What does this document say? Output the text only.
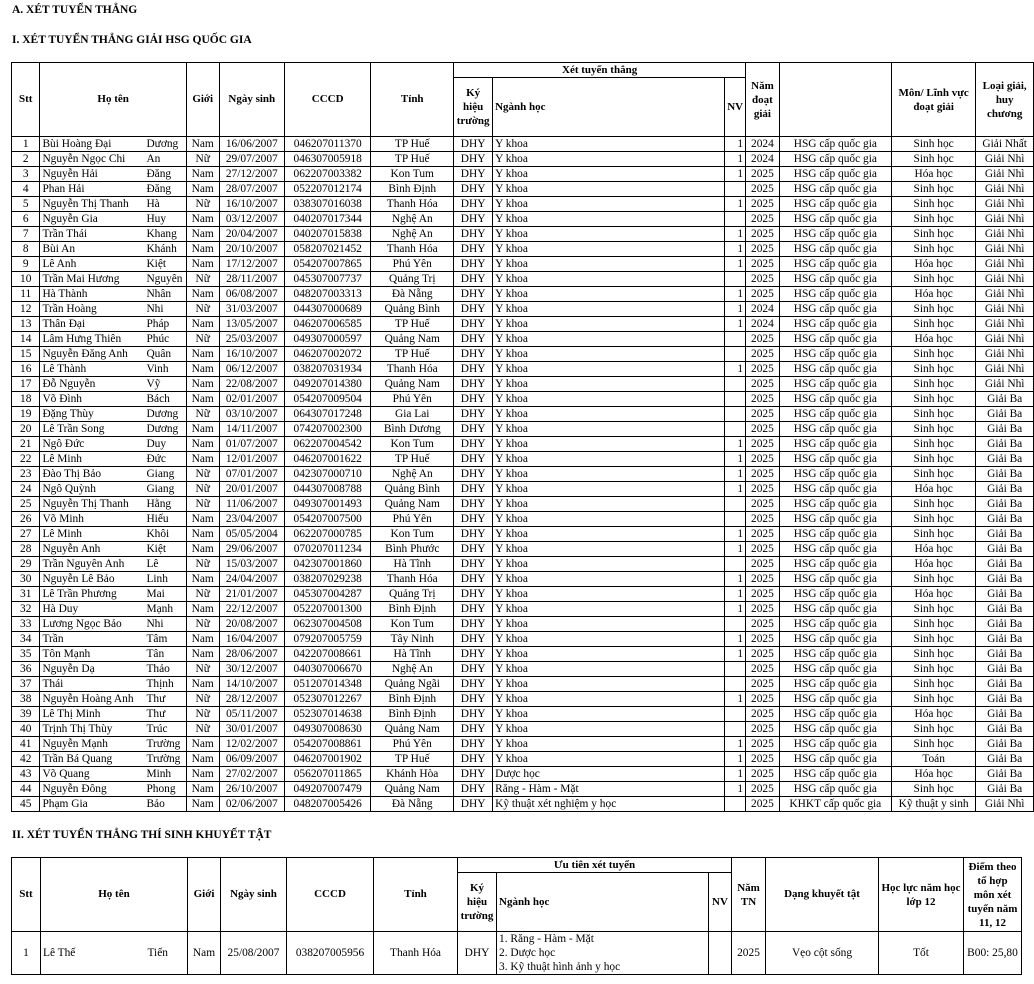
A. XÉT TUYỂN THẲNG
I. XÉT TUYỂN THẲNG GIẢI HSG QUỐC GIA
Stt	Họ tên		Giới	Ngày sinh	CCCD	Tỉnh	Xét tuyển thẳng			Năm đoạt giải		Môn/ Lĩnh vực đoạt giải	Loại giải, huy chương
							Ký hiệu trường	Ngành học	NV				
1	Bùi Hoàng Đại	Dương	Nam	16/06/2007	046207011370	TP Huế	DHY	Y khoa	1	2024	HSG cấp quốc gia	Sinh học	Giải Nhất
2	Nguyễn Ngọc Chi	An	Nữ	29/07/2007	046307005918	TP Huế	DHY	Y khoa	1	2024	HSG cấp quốc gia	Sinh học	Giải Nhì
3	Nguyễn Hải	Đăng	Nam	27/12/2007	062207003382	Kon Tum	DHY	Y khoa	1	2025	HSG cấp quốc gia	Hóa học	Giải Nhì
4	Phan Hải	Đăng	Nam	28/07/2007	052207012174	Bình Định	DHY	Y khoa		2025	HSG cấp quốc gia	Sinh học	Giải Nhì
5	Nguyễn Thị Thanh	Hà	Nữ	16/10/2007	038307016038	Thanh Hóa	DHY	Y khoa	1	2025	HSG cấp quốc gia	Sinh học	Giải Nhì
6	Nguyễn Gia	Huy	Nam	03/12/2007	040207017344	Nghệ An	DHY	Y khoa		2025	HSG cấp quốc gia	Sinh học	Giải Nhì
7	Trần Thái	Khang	Nam	20/04/2007	040207015838	Nghệ An	DHY	Y khoa	1	2025	HSG cấp quốc gia	Sinh học	Giải Nhì
8	Bùi An	Khánh	Nam	20/10/2007	058207021452	Thanh Hóa	DHY	Y khoa	1	2025	HSG cấp quốc gia	Sinh học	Giải Nhì
9	Lê Anh	Kiệt	Nam	17/12/2007	054207007865	Phú Yên	DHY	Y khoa	1	2025	HSG cấp quốc gia	Hóa học	Giải Nhì
10	Trần Mai Hương	Nguyên	Nữ	28/11/2007	045307007737	Quảng Trị	DHY	Y khoa		2025	HSG cấp quốc gia	Sinh học	Giải Nhì
11	Hà Thành	Nhân	Nam	06/08/2007	048207003313	Đà Nẵng	DHY	Y khoa	1	2025	HSG cấp quốc gia	Hóa học	Giải Nhì
12	Trần Hoàng	Nhi	Nữ	31/03/2007	044307000689	Quảng Bình	DHY	Y khoa	1	2024	HSG cấp quốc gia	Sinh học	Giải Nhì
13	Thân Đại	Pháp	Nam	13/05/2007	046207006585	TP Huế	DHY	Y khoa	1	2024	HSG cấp quốc gia	Sinh học	Giải Nhì
14	Lâm Hưng Thiên	Phúc	Nữ	25/03/2007	049307000597	Quảng Nam	DHY	Y khoa		2025	HSG cấp quốc gia	Hóa học	Giải Nhì
15	Nguyễn Đăng Anh	Quân	Nam	16/10/2007	046207002072	TP Huế	DHY	Y khoa		2025	HSG cấp quốc gia	Sinh học	Giải Nhì
16	Lê Thành	Vinh	Nam	06/12/2007	038207031934	Thanh Hóa	DHY	Y khoa	1	2025	HSG cấp quốc gia	Sinh học	Giải Nhì
17	Đỗ Nguyễn	Vỹ	Nam	22/08/2007	049207014380	Quảng Nam	DHY	Y khoa		2025	HSG cấp quốc gia	Sinh học	Giải Nhì
18	Võ Đình	Bách	Nam	02/01/2007	054207009504	Phú Yên	DHY	Y khoa		2025	HSG cấp quốc gia	Sinh học	Giải Ba
19	Đặng Thùy	Dương	Nữ	03/10/2007	064307017248	Gia Lai	DHY	Y khoa		2025	HSG cấp quốc gia	Sinh học	Giải Ba
20	Lê Trần Song	Dương	Nam	14/11/2007	074207002300	Bình Dương	DHY	Y khoa		2025	HSG cấp quốc gia	Sinh học	Giải Ba
21	Ngô Đức	Duy	Nam	01/07/2007	062207004542	Kon Tum	DHY	Y khoa	1	2025	HSG cấp quốc gia	Sinh học	Giải Ba
22	Lê Minh	Đức	Nam	12/01/2007	046207001622	TP Huế	DHY	Y khoa	1	2025	HSG cấp quốc gia	Sinh học	Giải Ba
23	Đào Thị Bảo	Giang	Nữ	07/01/2007	042307000710	Nghệ An	DHY	Y khoa	1	2025	HSG cấp quốc gia	Sinh học	Giải Ba
24	Ngô Quỳnh	Giang	Nữ	20/01/2007	044307008788	Quảng Bình	DHY	Y khoa	1	2025	HSG cấp quốc gia	Hóa học	Giải Ba
25	Nguyễn Thị Thanh	Hằng	Nữ	11/06/2007	049307001493	Quảng Nam	DHY	Y khoa		2025	HSG cấp quốc gia	Sinh học	Giải Ba
26	Võ Minh	Hiếu	Nam	23/04/2007	054207007500	Phú Yên	DHY	Y khoa		2025	HSG cấp quốc gia	Sinh học	Giải Ba
27	Lê Minh	Khôi	Nam	05/05/2004	062207000785	Kon Tum	DHY	Y khoa	1	2025	HSG cấp quốc gia	Sinh học	Giải Ba
28	Nguyễn Anh	Kiệt	Nam	29/06/2007	070207011234	Bình Phước	DHY	Y khoa	1	2025	HSG cấp quốc gia	Hóa học	Giải Ba
29	Trần Nguyên Anh	Lê	Nữ	15/03/2007	042307001860	Hà Tĩnh	DHY	Y khoa		2025	HSG cấp quốc gia	Hóa học	Giải Ba
30	Nguyễn Lê Bảo	Linh	Nam	24/04/2007	038207029238	Thanh Hóa	DHY	Y khoa	1	2025	HSG cấp quốc gia	Sinh học	Giải Ba
31	Lê Trần Phương	Mai	Nữ	21/01/2007	045307004287	Quảng Trị	DHY	Y khoa	1	2025	HSG cấp quốc gia	Hóa học	Giải Ba
32	Hà Duy	Mạnh	Nam	22/12/2007	052207001300	Bình Định	DHY	Y khoa	1	2025	HSG cấp quốc gia	Sinh học	Giải Ba
33	Lương Ngọc Bảo	Nhi	Nữ	20/08/2007	062307004508	Kon Tum	DHY	Y khoa		2025	HSG cấp quốc gia	Sinh học	Giải Ba
34	Trần	Tâm	Nam	16/04/2007	079207005759	Tây Ninh	DHY	Y khoa	1	2025	HSG cấp quốc gia	Sinh học	Giải Ba
35	Tôn Mạnh	Tân	Nam	28/06/2007	042207008661	Hà Tĩnh	DHY	Y khoa	1	2025	HSG cấp quốc gia	Sinh học	Giải Ba
36	Nguyễn Dạ	Thảo	Nữ	30/12/2007	040307006670	Nghệ An	DHY	Y khoa		2025	HSG cấp quốc gia	Sinh học	Giải Ba
37	Thái	Thịnh	Nam	14/10/2007	051207014348	Quảng Ngãi	DHY	Y khoa		2025	HSG cấp quốc gia	Sinh học	Giải Ba
38	Nguyễn Hoàng Anh	Thư	Nữ	28/12/2007	052307012267	Bình Định	DHY	Y khoa	1	2025	HSG cấp quốc gia	Sinh học	Giải Ba
39	Lê Thị Minh	Thư	Nữ	05/11/2007	052307014638	Bình Định	DHY	Y khoa		2025	HSG cấp quốc gia	Hóa học	Giải Ba
40	Trịnh Thị Thùy	Trúc	Nữ	30/01/2007	049307008630	Quảng Nam	DHY	Y khoa		2025	HSG cấp quốc gia	Sinh học	Giải Ba
41	Nguyễn Mạnh	Trường	Nam	12/02/2007	054207008861	Phú Yên	DHY	Y khoa	1	2025	HSG cấp quốc gia	Sinh học	Giải Ba
42	Trần Bá Quang	Trường	Nam	06/09/2007	046207001902	TP Huế	DHY	Y khoa	1	2025	HSG cấp quốc gia	Toán	Giải Ba
43	Võ Quang	Minh	Nam	27/02/2007	056207011865	Khánh Hòa	DHY	Dược học	1	2025	HSG cấp quốc gia	Hóa học	Giải Ba
44	Nguyễn Đông	Phong	Nam	26/10/2007	049207007479	Quảng Nam	DHY	Răng - Hàm - Mặt	1	2025	HSG cấp quốc gia	Sinh học	Giải Ba
45	Phạm Gia	Bảo	Nam	02/06/2007	048207005426	Đà Nẵng	DHY	Kỹ thuật xét nghiệm y học		2025	KHKT cấp quốc gia	Kỹ thuật y sinh	Giải Nhì
II. XÉT TUYỂN THẲNG THÍ SINH KHUYẾT TẬT
Stt	Họ tên		Giới	Ngày sinh	CCCD	Tỉnh	Ưu tiên xét tuyển			Năm TN	Dạng khuyết tật	Học lực năm học lớp 12	Điểm theo tổ hợp môn xét tuyển năm 11, 12
							Ký hiệu trường	Ngành học	NV				
1	Lê Thế	Tiến	Nam	25/08/2007	038207005956	Thanh Hóa	DHY	1. Răng - Hàm - Mặt
2. Dược học
3. Kỹ thuật hình ảnh y học		2025	Vẹo cột sống	Tốt	B00: 25,80
